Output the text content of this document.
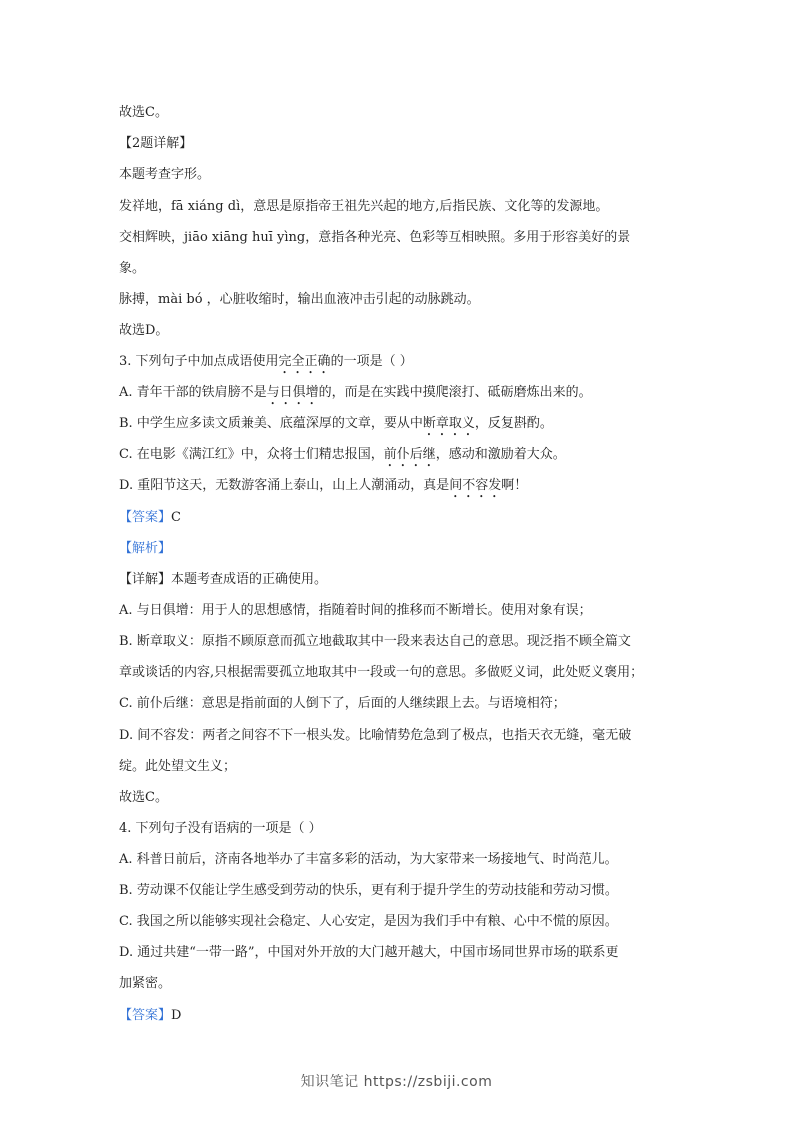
故选C。
【2题详解】
本题考查字形。
发祥地，fā xiáng dì，意思是原指帝王祖先兴起的地方,后指民族、文化等的发源地。
交相辉映，jiāo xiāng huī yìng，意指各种光亮、色彩等互相映照。多用于形容美好的景
象。
脉搏，mài bó ，心脏收缩时，输出血液冲击引起的动脉跳动。
故选D。
3. 下列句子中加点成语使用完全正确的一项是（ ）
A. 青年干部的铁肩膀不是与日俱增的，而是在实践中摸爬滚打、砥砺磨炼出来的。
B. 中学生应多读文质兼美、底蕴深厚的文章，要从中断章取义，反复斟酌。
C. 在电影《满江红》中，众将士们精忠报国，前仆后继，感动和激励着大众。
D. 重阳节这天，无数游客涌上泰山，山上人潮涌动，真是间不容发啊！
【答案】C
【解析】
【详解】本题考查成语的正确使用。
A. 与日俱增：用于人的思想感情，指随着时间的推移而不断增长。使用对象有误；
B. 断章取义：原指不顾原意而孤立地截取其中一段来表达自己的意思。现泛指不顾全篇文
章或谈话的内容,只根据需要孤立地取其中一段或一句的意思。多做贬义词，此处贬义褒用；
C. 前仆后继：意思是指前面的人倒下了，后面的人继续跟上去。与语境相符；
D. 间不容发：两者之间容不下一根头发。比喻情势危急到了极点，也指天衣无缝，毫无破
绽。此处望文生义；
故选C。
4. 下列句子没有语病的一项是（ ）
A. 科普日前后，济南各地举办了丰富多彩的活动，为大家带来一场接地气、时尚范儿。
B. 劳动课不仅能让学生感受到劳动的快乐，更有利于提升学生的劳动技能和劳动习惯。
C. 我国之所以能够实现社会稳定、人心安定，是因为我们手中有粮、心中不慌的原因。
D. 通过共建“一带一路”，中国对外开放的大门越开越大，中国市场同世界市场的联系更
加紧密。
【答案】D
知识笔记 https://zsbiji.com
